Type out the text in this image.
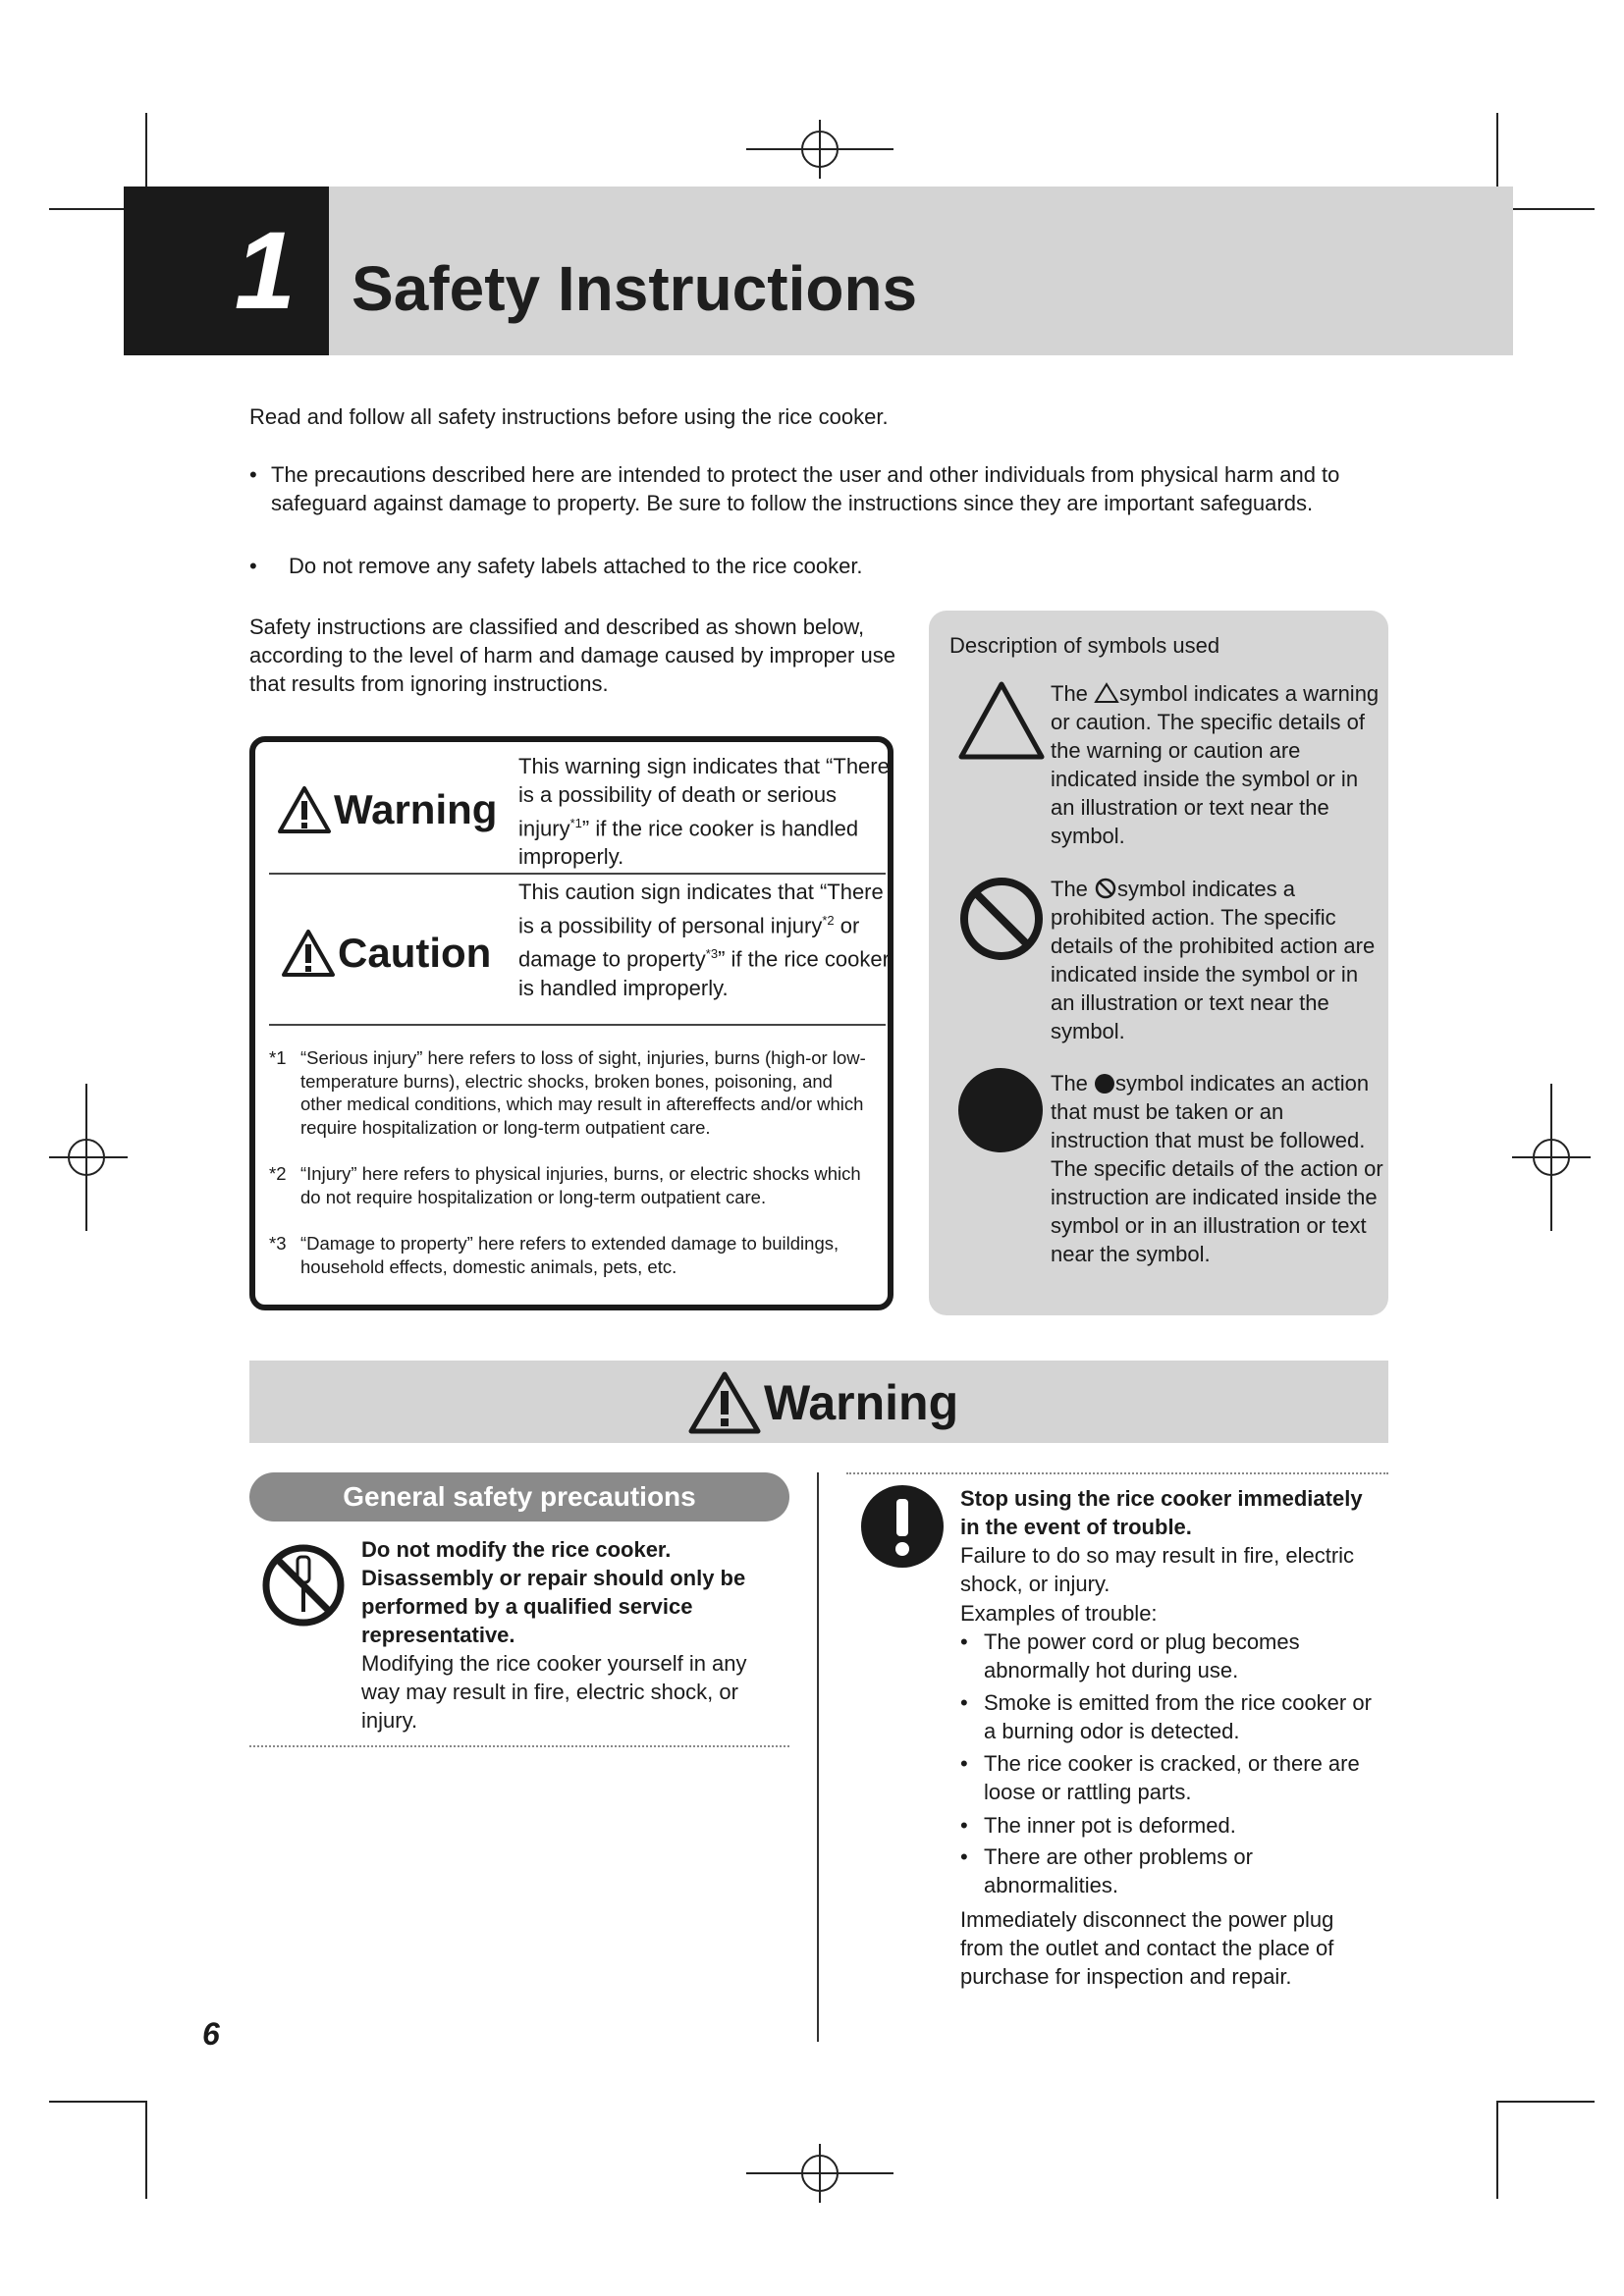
1 Safety Instructions
Read and follow all safety instructions before using the rice cooker.
• The precautions described here are intended to protect the user and other individuals from physical harm and to safeguard against damage to property. Be sure to follow the instructions since they are important safeguards.
•	Do not remove any safety labels attached to the rice cooker.
Safety instructions are classified and described as shown below, according to the level of harm and damage caused by improper use that results from ignoring instructions.
Warning
This warning sign indicates that “There is a possibility of death or serious injury$^{*1}$” if the rice cooker is handled improperly.
Caution
This caution sign indicates that “There is a possibility of personal injury$^{*2}$ or damage to property$^{*3}$” if the rice cooker is handled improperly.
*1 “Serious injury” here refers to loss of sight, injuries, burns (high-or low-temperature burns), electric shocks, broken bones, poisoning, and other medical conditions, which may result in aftereffects and/or which require hospitalization or long-term outpatient care.
*2 “Injury” here refers to physical injuries, burns, or electric shocks which do not require hospitalization or long-term outpatient care.
*3 “Damage to property” here refers to extended damage to buildings, household effects, domestic animals, pets, etc.
Description of symbols used
The symbol indicates a warning or caution. The specific details of the warning or caution are indicated inside the symbol or in an illustration or text near the symbol.
The symbol indicates a prohibited action. The specific details of the prohibited action are indicated inside the symbol or in an illustration or text near the symbol.
The symbol indicates an action that must be taken or an instruction that must be followed. The specific details of the action or instruction are indicated inside the symbol or in an illustration or text near the symbol.
Warning
General safety precautions
Do not modify the rice cooker. Disassembly or repair should only be performed by a qualified service representative.
Modifying the rice cooker yourself in any way may result in fire, electric shock, or injury.
Stop using the rice cooker immediately in the event of trouble.
Failure to do so may result in fire, electric shock, or injury.
Examples of trouble:
• The power cord or plug becomes abnormally hot during use.
• Smoke is emitted from the rice cooker or a burning odor is detected.
• The rice cooker is cracked, or there are loose or rattling parts.
• The inner pot is deformed.
• There are other problems or abnormalities.
Immediately disconnect the power plug from the outlet and contact the place of purchase for inspection and repair.
6
